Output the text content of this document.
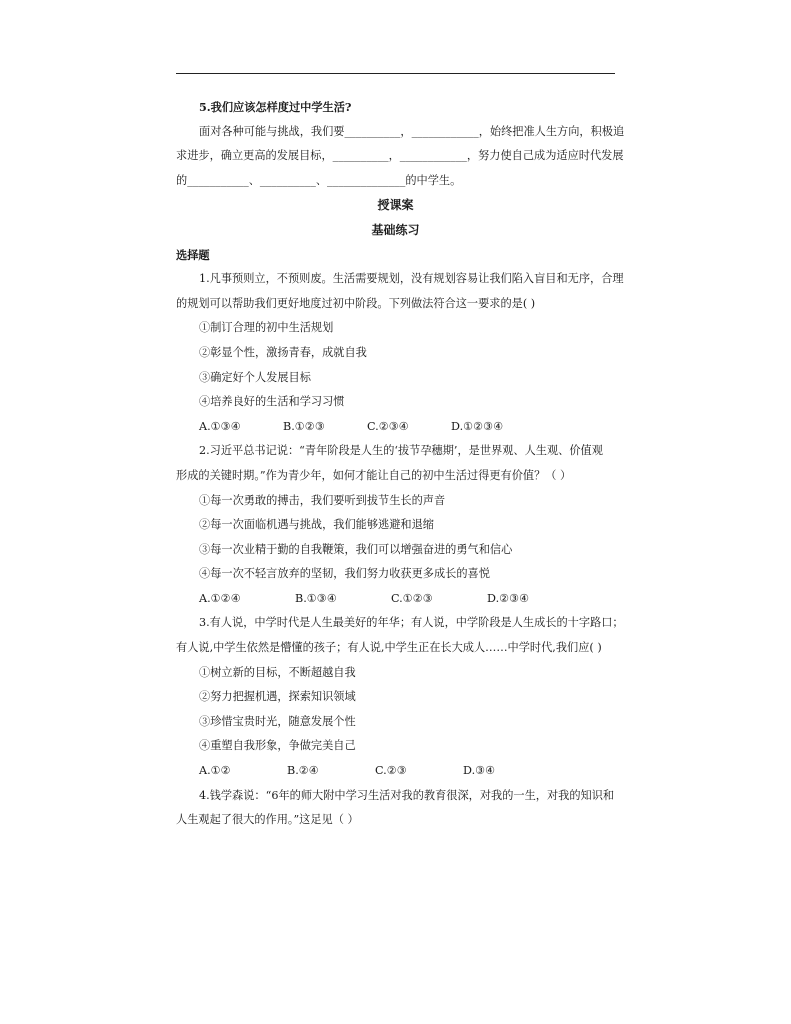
5.我们应该怎样度过中学生活?
面对各种可能与挑战，我们要__________，____________，始终把准人生方向，积极追
求进步，确立更高的发展目标，__________，____________，努力使自己成为适应时代发展
的___________、__________、______________的中学生。
授课案
基础练习
选择题
1.凡事预则立，不预则废。生活需要规划，没有规划容易让我们陷入盲目和无序，合理
的规划可以帮助我们更好地度过初中阶段。下列做法符合这一要求的是( )
①制订合理的初中生活规划
②彰显个性，激扬青春，成就自我
③确定好个人发展目标
④培养良好的生活和学习习惯
A.①③④	B.①②③	C.②③④	D.①②③④
2.习近平总书记说：“青年阶段是人生的‘拔节孕穗期’，是世界观、人生观、价值观
形成的关键时期。”作为青少年，如何才能让自己的初中生活过得更有价值？（ ）
①每一次勇敢的搏击，我们要听到拔节生长的声音
②每一次面临机遇与挑战，我们能够逃避和退缩
③每一次业精于勤的自我鞭策，我们可以增强奋进的勇气和信心
④每一次不轻言放弃的坚韧，我们努力收获更多成长的喜悦
A.①②④	B.①③④	C.①②③	D.②③④
3.有人说，中学时代是人生最美好的年华；有人说，中学阶段是人生成长的十字路口；
有人说,中学生依然是懵懂的孩子；有人说,中学生正在长大成人……中学时代,我们应( )
①树立新的目标，不断超越自我
②努力把握机遇，探索知识领域
③珍惜宝贵时光，随意发展个性
④重塑自我形象，争做完美自己
A.①②	B.②④	C.②③	D.③④
4.钱学森说：“6年的师大附中学习生活对我的教育很深，对我的一生，对我的知识和
人生观起了很大的作用。”这足见（ ）
